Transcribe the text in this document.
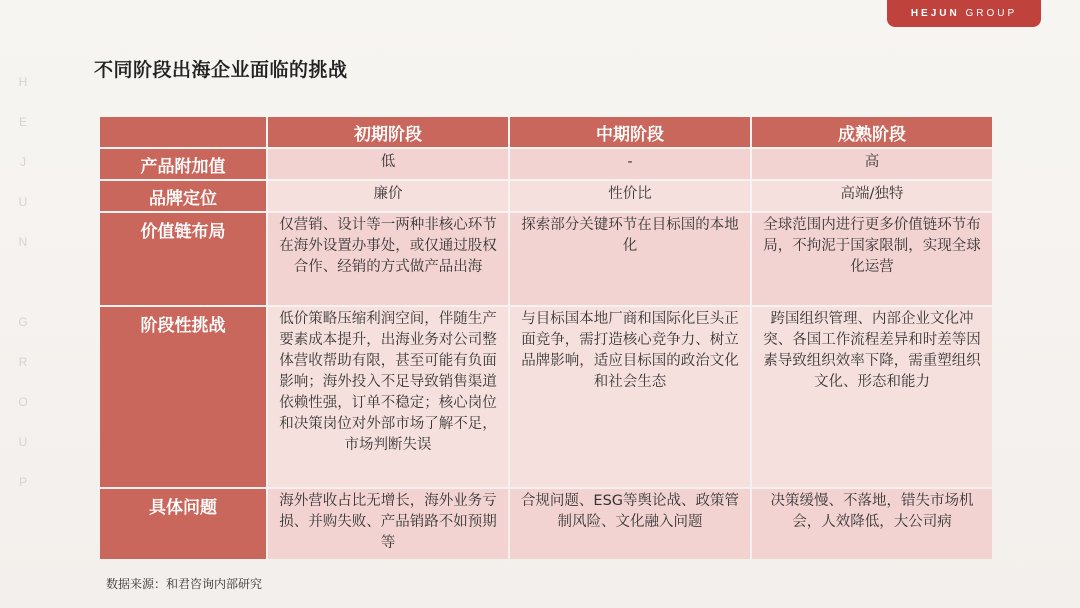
H
E
J
U
N
G
R
O
U
P
HEJUN GROUP
不同阶段出海企业面临的挑战
	初期阶段	中期阶段	成熟阶段
产品附加值	低	-	高
品牌定位	廉价	性价比	高端/独特
价值链布局	仅营销、设计等一两种非核心环节在海外设置办事处，或仅通过股权合作、经销的方式做产品出海	探索部分关键环节在目标国的本地化	全球范围内进行更多价值链环节布局，不拘泥于国家限制，实现全球化运营
阶段性挑战	低价策略压缩利润空间，伴随生产要素成本提升，出海业务对公司整体营收帮助有限，甚至可能有负面影响；海外投入不足导致销售渠道依赖性强，订单不稳定；核心岗位和决策岗位对外部市场了解不足，市场判断失误	与目标国本地厂商和国际化巨头正面竞争，需打造核心竞争力、树立品牌影响，适应目标国的政治文化和社会生态	跨国组织管理、内部企业文化冲突、各国工作流程差异和时差等因素导致组织效率下降，需重塑组织文化、形态和能力
具体问题	海外营收占比无增长，海外业务亏损、并购失败、产品销路不如预期等	合规问题、ESG等舆论战、政策管制风险、文化融入问题	决策缓慢、不落地，错失市场机会，人效降低，大公司病
数据来源：和君咨询内部研究
